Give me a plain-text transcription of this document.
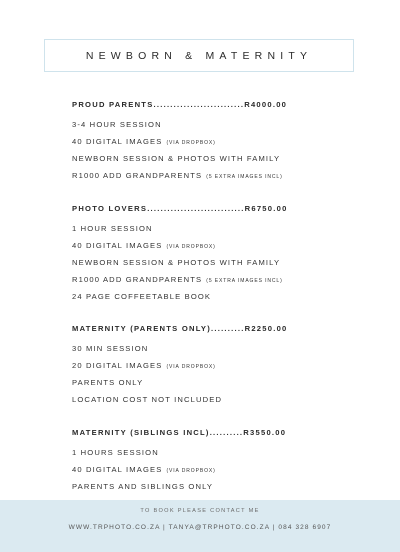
NEWBORN & MATERNITY
PROUD PARENTS...........................R4000.00
3-4 HOUR SESSION
40 DIGITAL IMAGES (VIA DROPBOX)
NEWBORN SESSION & PHOTOS WITH FAMILY
R1000 ADD GRANDPARENTS (5 EXTRA IMAGES INCL)
PHOTO LOVERS.............................R6750.00
1 HOUR SESSION
40 DIGITAL IMAGES (VIA DROPBOX)
NEWBORN SESSION & PHOTOS WITH FAMILY
R1000 ADD GRANDPARENTS (5 EXTRA IMAGES INCL)
24 PAGE COFFEETABLE BOOK
MATERNITY (PARENTS ONLY)..........R2250.00
30 MIN SESSION
20 DIGITAL IMAGES (VIA DROPBOX)
PARENTS ONLY
LOCATION COST NOT INCLUDED
MATERNITY (SIBLINGS INCL)..........R3550.00
1 HOURS SESSION
40 DIGITAL IMAGES (VIA DROPBOX)
PARENTS AND SIBLINGS ONLY
TO BOOK PLEASE CONTACT ME
WWW.TRPHOTO.CO.ZA | TANYA@TRPHOTO.CO.ZA | 084 328 6907
